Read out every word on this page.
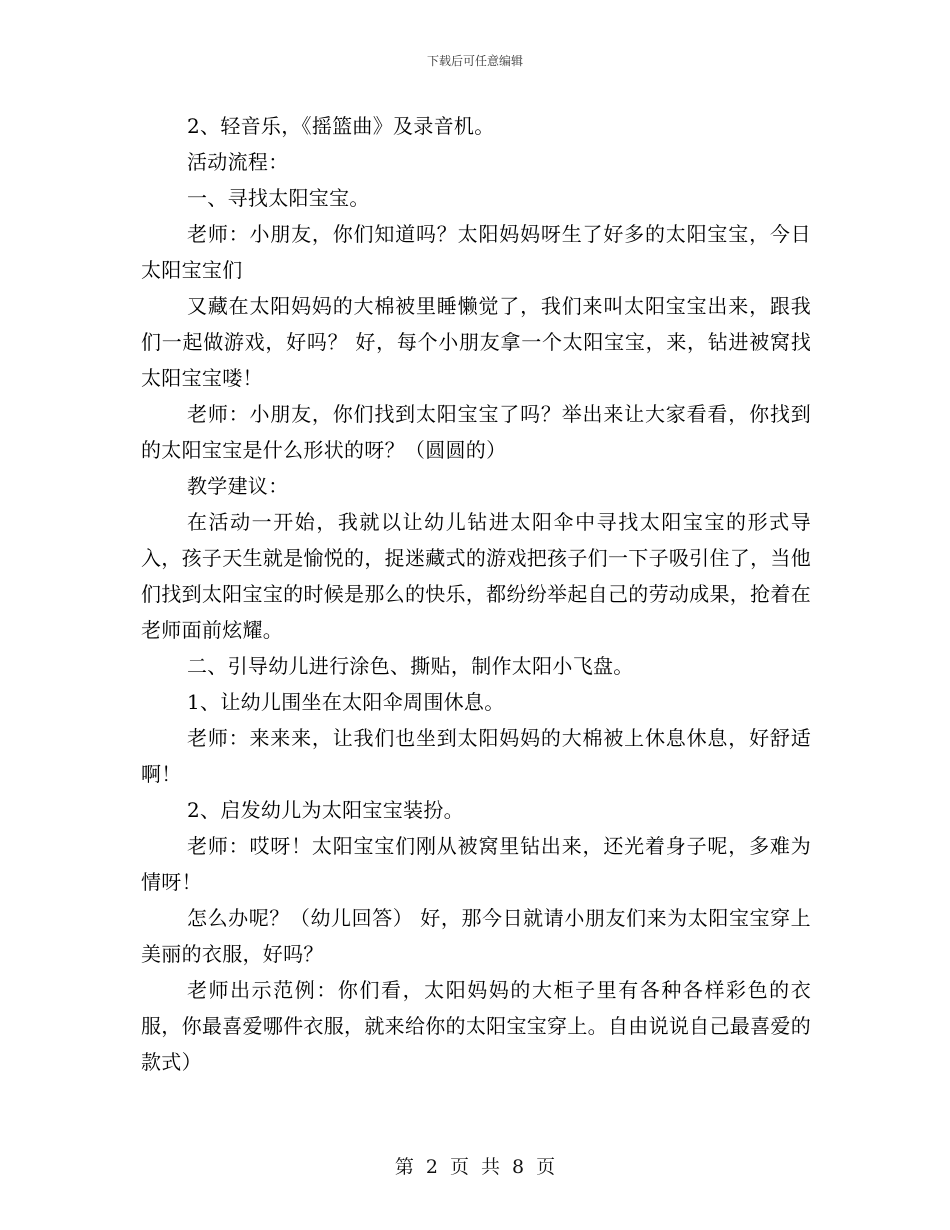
下载后可任意编辑

2、轻音乐，《摇篮曲》及录音机。

活动流程：

一、寻找太阳宝宝。

老师：小朋友，你们知道吗？太阳妈妈呀生了好多的太阳宝宝，今日太阳宝宝们

又藏在太阳妈妈的大棉被里睡懒觉了，我们来叫太阳宝宝出来，跟我们一起做游戏，好吗？ 好，每个小朋友拿一个太阳宝宝，来，钻进被窝找太阳宝宝喽！

老师：小朋友，你们找到太阳宝宝了吗？举出来让大家看看，你找到的太阳宝宝是什么形状的呀？（圆圆的）

教学建议：

在活动一开始，我就以让幼儿钻进太阳伞中寻找太阳宝宝的形式导入，孩子天生就是愉悦的，捉迷藏式的游戏把孩子们一下子吸引住了，当他们找到太阳宝宝的时候是那么的快乐，都纷纷举起自己的劳动成果，抢着在老师面前炫耀。

二、引导幼儿进行涂色、撕贴，制作太阳小飞盘。

1、让幼儿围坐在太阳伞周围休息。

老师：来来来，让我们也坐到太阳妈妈的大棉被上休息休息，好舒适啊！

2、启发幼儿为太阳宝宝装扮。

老师：哎呀！太阳宝宝们刚从被窝里钻出来，还光着身子呢，多难为情呀！

怎么办呢？（幼儿回答） 好，那今日就请小朋友们来为太阳宝宝穿上美丽的衣服，好吗？

老师出示范例：你们看，太阳妈妈的大柜子里有各种各样彩色的衣服，你最喜爱哪件衣服，就来给你的太阳宝宝穿上。自由说说自己最喜爱的款式）

第 2 页 共 8 页
